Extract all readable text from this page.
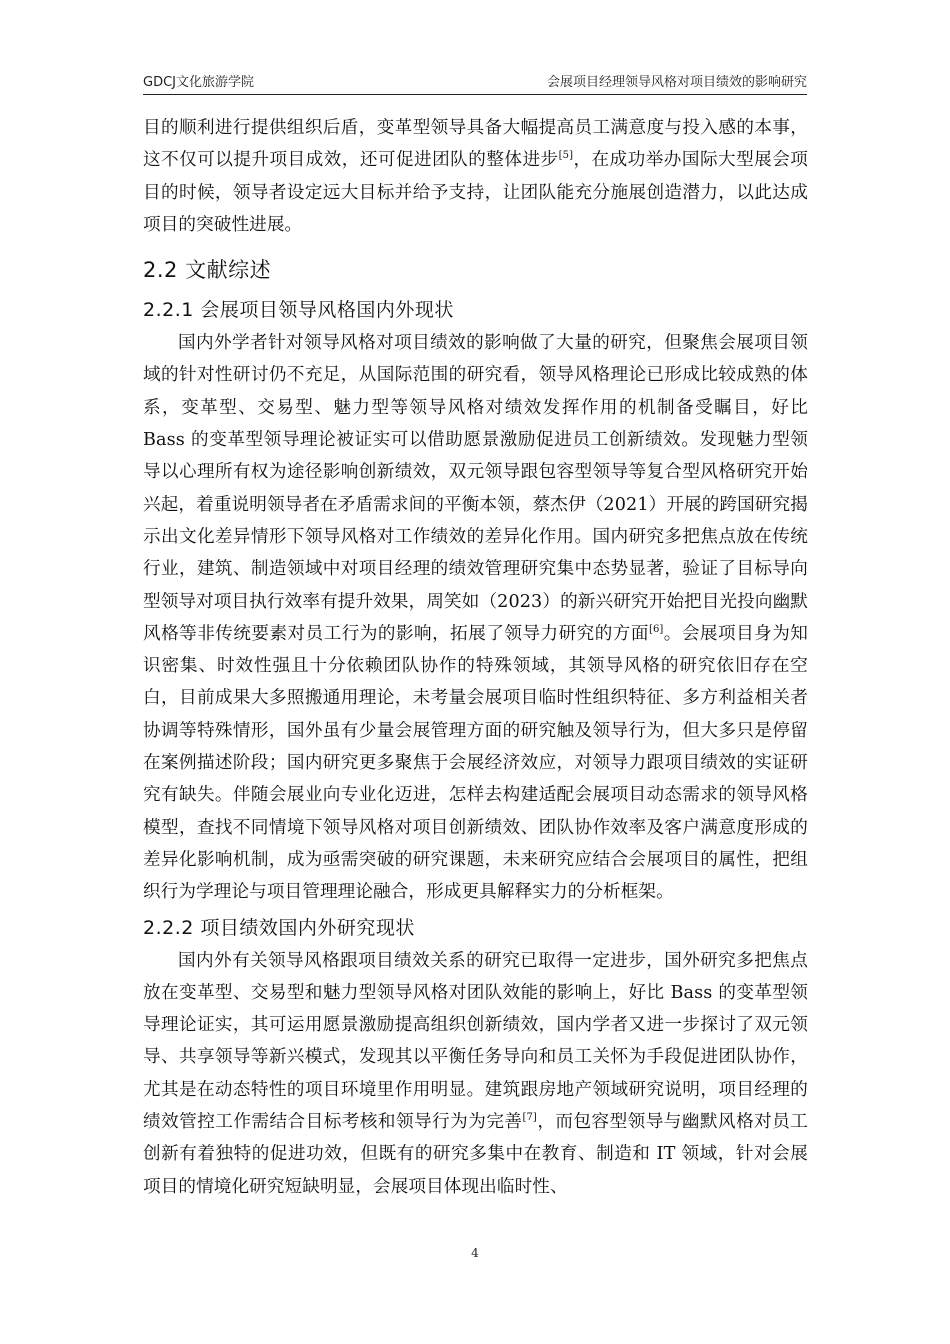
GDCJ文化旅游学院	会展项目经理领导风格对项目绩效的影响研究

目的顺利进行提供组织后盾，变革型领导具备大幅提高员工满意度与投入感的本事，这不仅可以提升项目成效，还可促进团队的整体进步[5]，在成功举办国际大型展会项目的时候，领导者设定远大目标并给予支持，让团队能充分施展创造潜力，以此达成项目的突破性进展。

2.2 文献综述
2.2.1 会展项目领导风格国内外现状

国内外学者针对领导风格对项目绩效的影响做了大量的研究，但聚焦会展项目领域的针对性研讨仍不充足，从国际范围的研究看，领导风格理论已形成比较成熟的体系，变革型、交易型、魅力型等领导风格对绩效发挥作用的机制备受瞩目，好比 Bass 的变革型领导理论被证实可以借助愿景激励促进员工创新绩效。发现魅力型领导以心理所有权为途径影响创新绩效，双元领导跟包容型领导等复合型风格研究开始兴起，着重说明领导者在矛盾需求间的平衡本领，蔡杰伊（2021）开展的跨国研究揭示出文化差异情形下领导风格对工作绩效的差异化作用。国内研究多把焦点放在传统行业，建筑、制造领域中对项目经理的绩效管理研究集中态势显著，验证了目标导向型领导对项目执行效率有提升效果，周笑如（2023）的新兴研究开始把目光投向幽默风格等非传统要素对员工行为的影响，拓展了领导力研究的方面[6]。会展项目身为知识密集、时效性强且十分依赖团队协作的特殊领域，其领导风格的研究依旧存在空白，目前成果大多照搬通用理论，未考量会展项目临时性组织特征、多方利益相关者协调等特殊情形，国外虽有少量会展管理方面的研究触及领导行为，但大多只是停留在案例描述阶段；国内研究更多聚焦于会展经济效应，对领导力跟项目绩效的实证研究有缺失。伴随会展业向专业化迈进，怎样去构建适配会展项目动态需求的领导风格模型，查找不同情境下领导风格对项目创新绩效、团队协作效率及客户满意度形成的差异化影响机制，成为亟需突破的研究课题，未来研究应结合会展项目的属性，把组织行为学理论与项目管理理论融合，形成更具解释实力的分析框架。

2.2.2 项目绩效国内外研究现状

国内外有关领导风格跟项目绩效关系的研究已取得一定进步，国外研究多把焦点放在变革型、交易型和魅力型领导风格对团队效能的影响上，好比 Bass 的变革型领导理论证实，其可运用愿景激励提高组织创新绩效，国内学者又进一步探讨了双元领导、共享领导等新兴模式，发现其以平衡任务导向和员工关怀为手段促进团队协作，尤其是在动态特性的项目环境里作用明显。建筑跟房地产领域研究说明，项目经理的绩效管控工作需结合目标考核和领导行为为完善[7]，而包容型领导与幽默风格对员工创新有着独特的促进功效，但既有的研究多集中在教育、制造和 IT 领域，针对会展项目的情境化研究短缺明显，会展项目体现出临时性、

4
